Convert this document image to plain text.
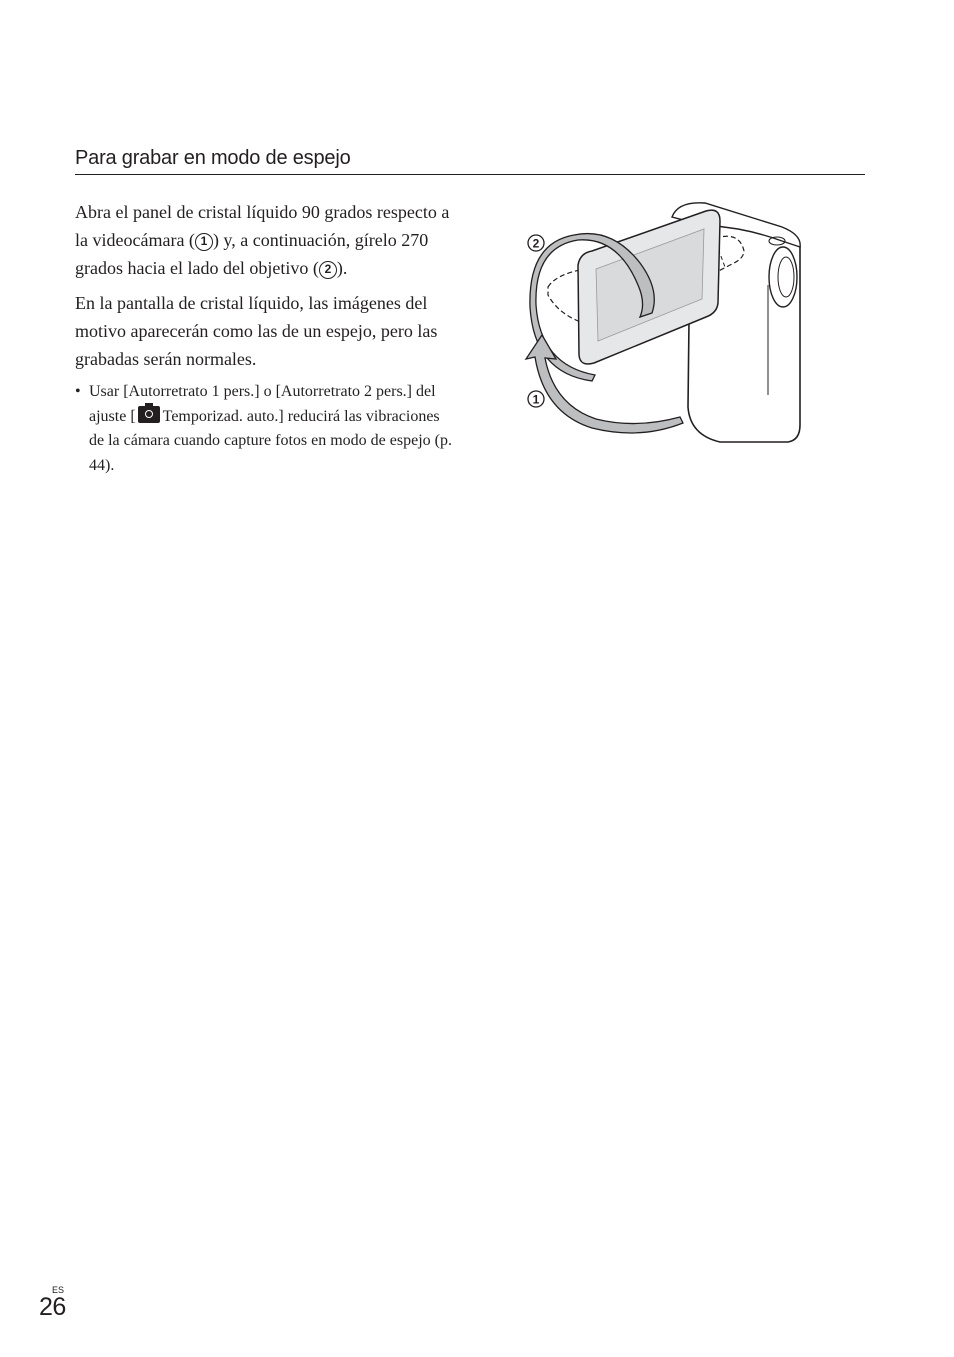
Para grabar en modo de espejo

Abra el panel de cristal líquido 90 grados respecto a la videocámara ( 1 ) y, a continuación, gírelo 270 grados hacia el lado del objetivo ( 2 ).

En la pantalla de cristal líquido, las imágenes del motivo aparecerán como las de un espejo, pero las grabadas serán normales.

• Usar [Autorretrato 1 pers.] o [Autorretrato 2 pers.] del ajuste [ Temporizad. auto.] reducirá las vibraciones de la cámara cuando capture fotos en modo de espejo (p. 44).
2
1
ES
26
